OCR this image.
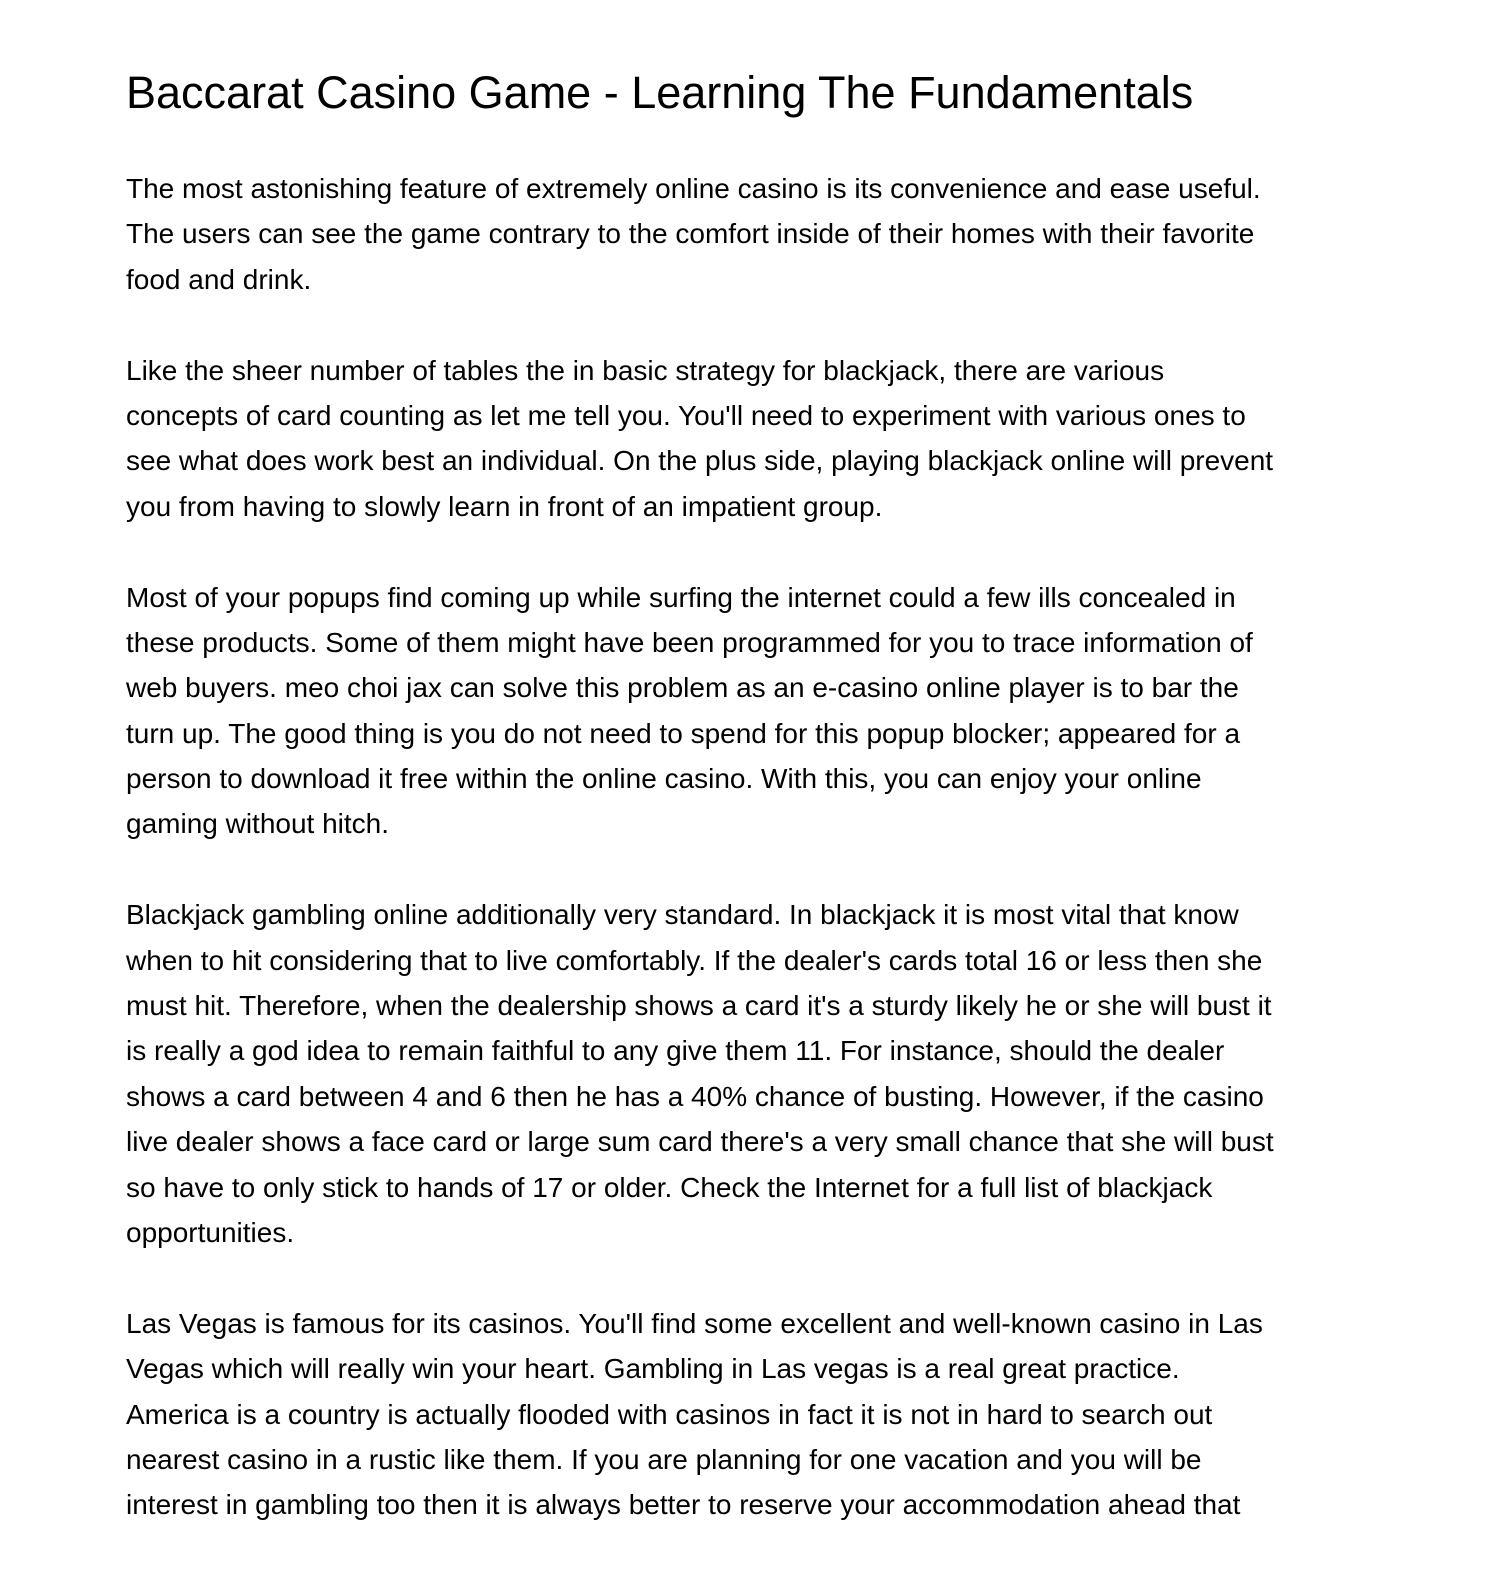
Baccarat Casino Game - Learning The Fundamentals

The most astonishing feature of extremely online casino is its convenience and ease useful.
The users can see the game contrary to the comfort inside of their homes with their favorite
food and drink.

Like the sheer number of tables the in basic strategy for blackjack, there are various
concepts of card counting as let me tell you. You'll need to experiment with various ones to
see what does work best an individual. On the plus side, playing blackjack online will prevent
you from having to slowly learn in front of an impatient group.

Most of your popups find coming up while surfing the internet could a few ills concealed in
these products. Some of them might have been programmed for you to trace information of
web buyers. meo choi jax can solve this problem as an e-casino online player is to bar the
turn up. The good thing is you do not need to spend for this popup blocker; appeared for a
person to download it free within the online casino. With this, you can enjoy your online
gaming without hitch.

Blackjack gambling online additionally very standard. In blackjack it is most vital that know
when to hit considering that to live comfortably. If the dealer's cards total 16 or less then she
must hit. Therefore, when the dealership shows a card it's a sturdy likely he or she will bust it
is really a god idea to remain faithful to any give them 11. For instance, should the dealer
shows a card between 4 and 6 then he has a 40% chance of busting. However, if the casino
live dealer shows a face card or large sum card there's a very small chance that she will bust
so have to only stick to hands of 17 or older. Check the Internet for a full list of blackjack
opportunities.

Las Vegas is famous for its casinos. You'll find some excellent and well-known casino in Las
Vegas which will really win your heart. Gambling in Las vegas is a real great practice.
America is a country is actually flooded with casinos in fact it is not in hard to search out
nearest casino in a rustic like them. If you are planning for one vacation and you will be
interest in gambling too then it is always better to reserve your accommodation ahead that
